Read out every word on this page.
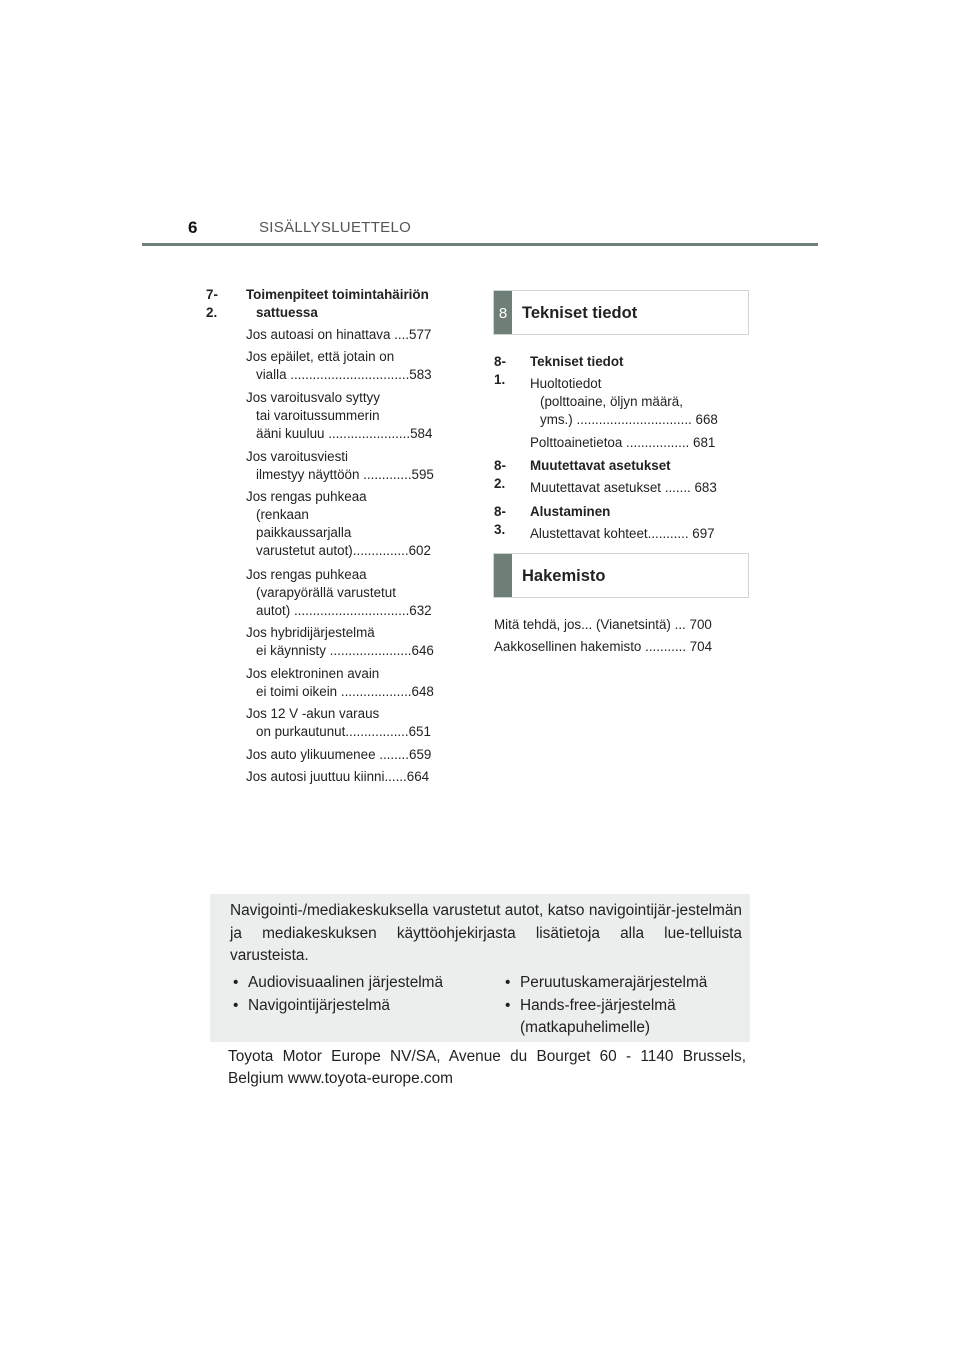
6	SISÄLLYSLUETTELO
7-2.
Toimenpiteet toimintahäiriön
sattuessa
Jos autoasi on hinattava ....577
Jos epäilet, että jotain on
vialla ................................583
Jos varoitusvalo syttyy
tai varoitussummerin
ääni kuuluu ......................584
Jos varoitusviesti
ilmestyy näyttöön .............595
Jos rengas puhkeaa
(renkaan
paikkaussarjalla
varustetut autot)...............602
Jos rengas puhkeaa
(varapyörällä varustetut
autot) ...............................632
Jos hybridijärjestelmä
ei käynnisty ......................646
Jos elektroninen avain
ei toimi oikein ...................648
Jos 12 V -akun varaus
on purkautunut.................651
Jos auto ylikuumenee ........659
Jos autosi juuttuu kiinni......664
8 Tekniset tiedot
8-1.
Tekniset tiedot
Huoltotiedot
(polttoaine, öljyn määrä,
yms.) ............................... 668
Polttoainetietoa ................. 681
8-2.
Muutettavat asetukset
Muutettavat asetukset ....... 683
8-3.
Alustaminen
Alustettavat kohteet........... 697
Hakemisto
Mitä tehdä, jos... (Vianetsintä) ... 700
Aakkosellinen hakemisto ........... 704
Navigointi-/mediakeskuksella varustetut autot, katso navigointijär-jestelmän ja mediakeskuksen käyttöohjekirjasta lisätietoja alla lue-telluista varusteista.
• Audiovisuaalinen järjestelmä
• Navigointijärjestelmä
• Peruutuskamerajärjestelmä
• Hands-free-järjestelmä
(matkapuhelimelle)
Toyota Motor Europe NV/SA, Avenue du Bourget 60 - 1140 Brussels, Belgium www.toyota-europe.com
